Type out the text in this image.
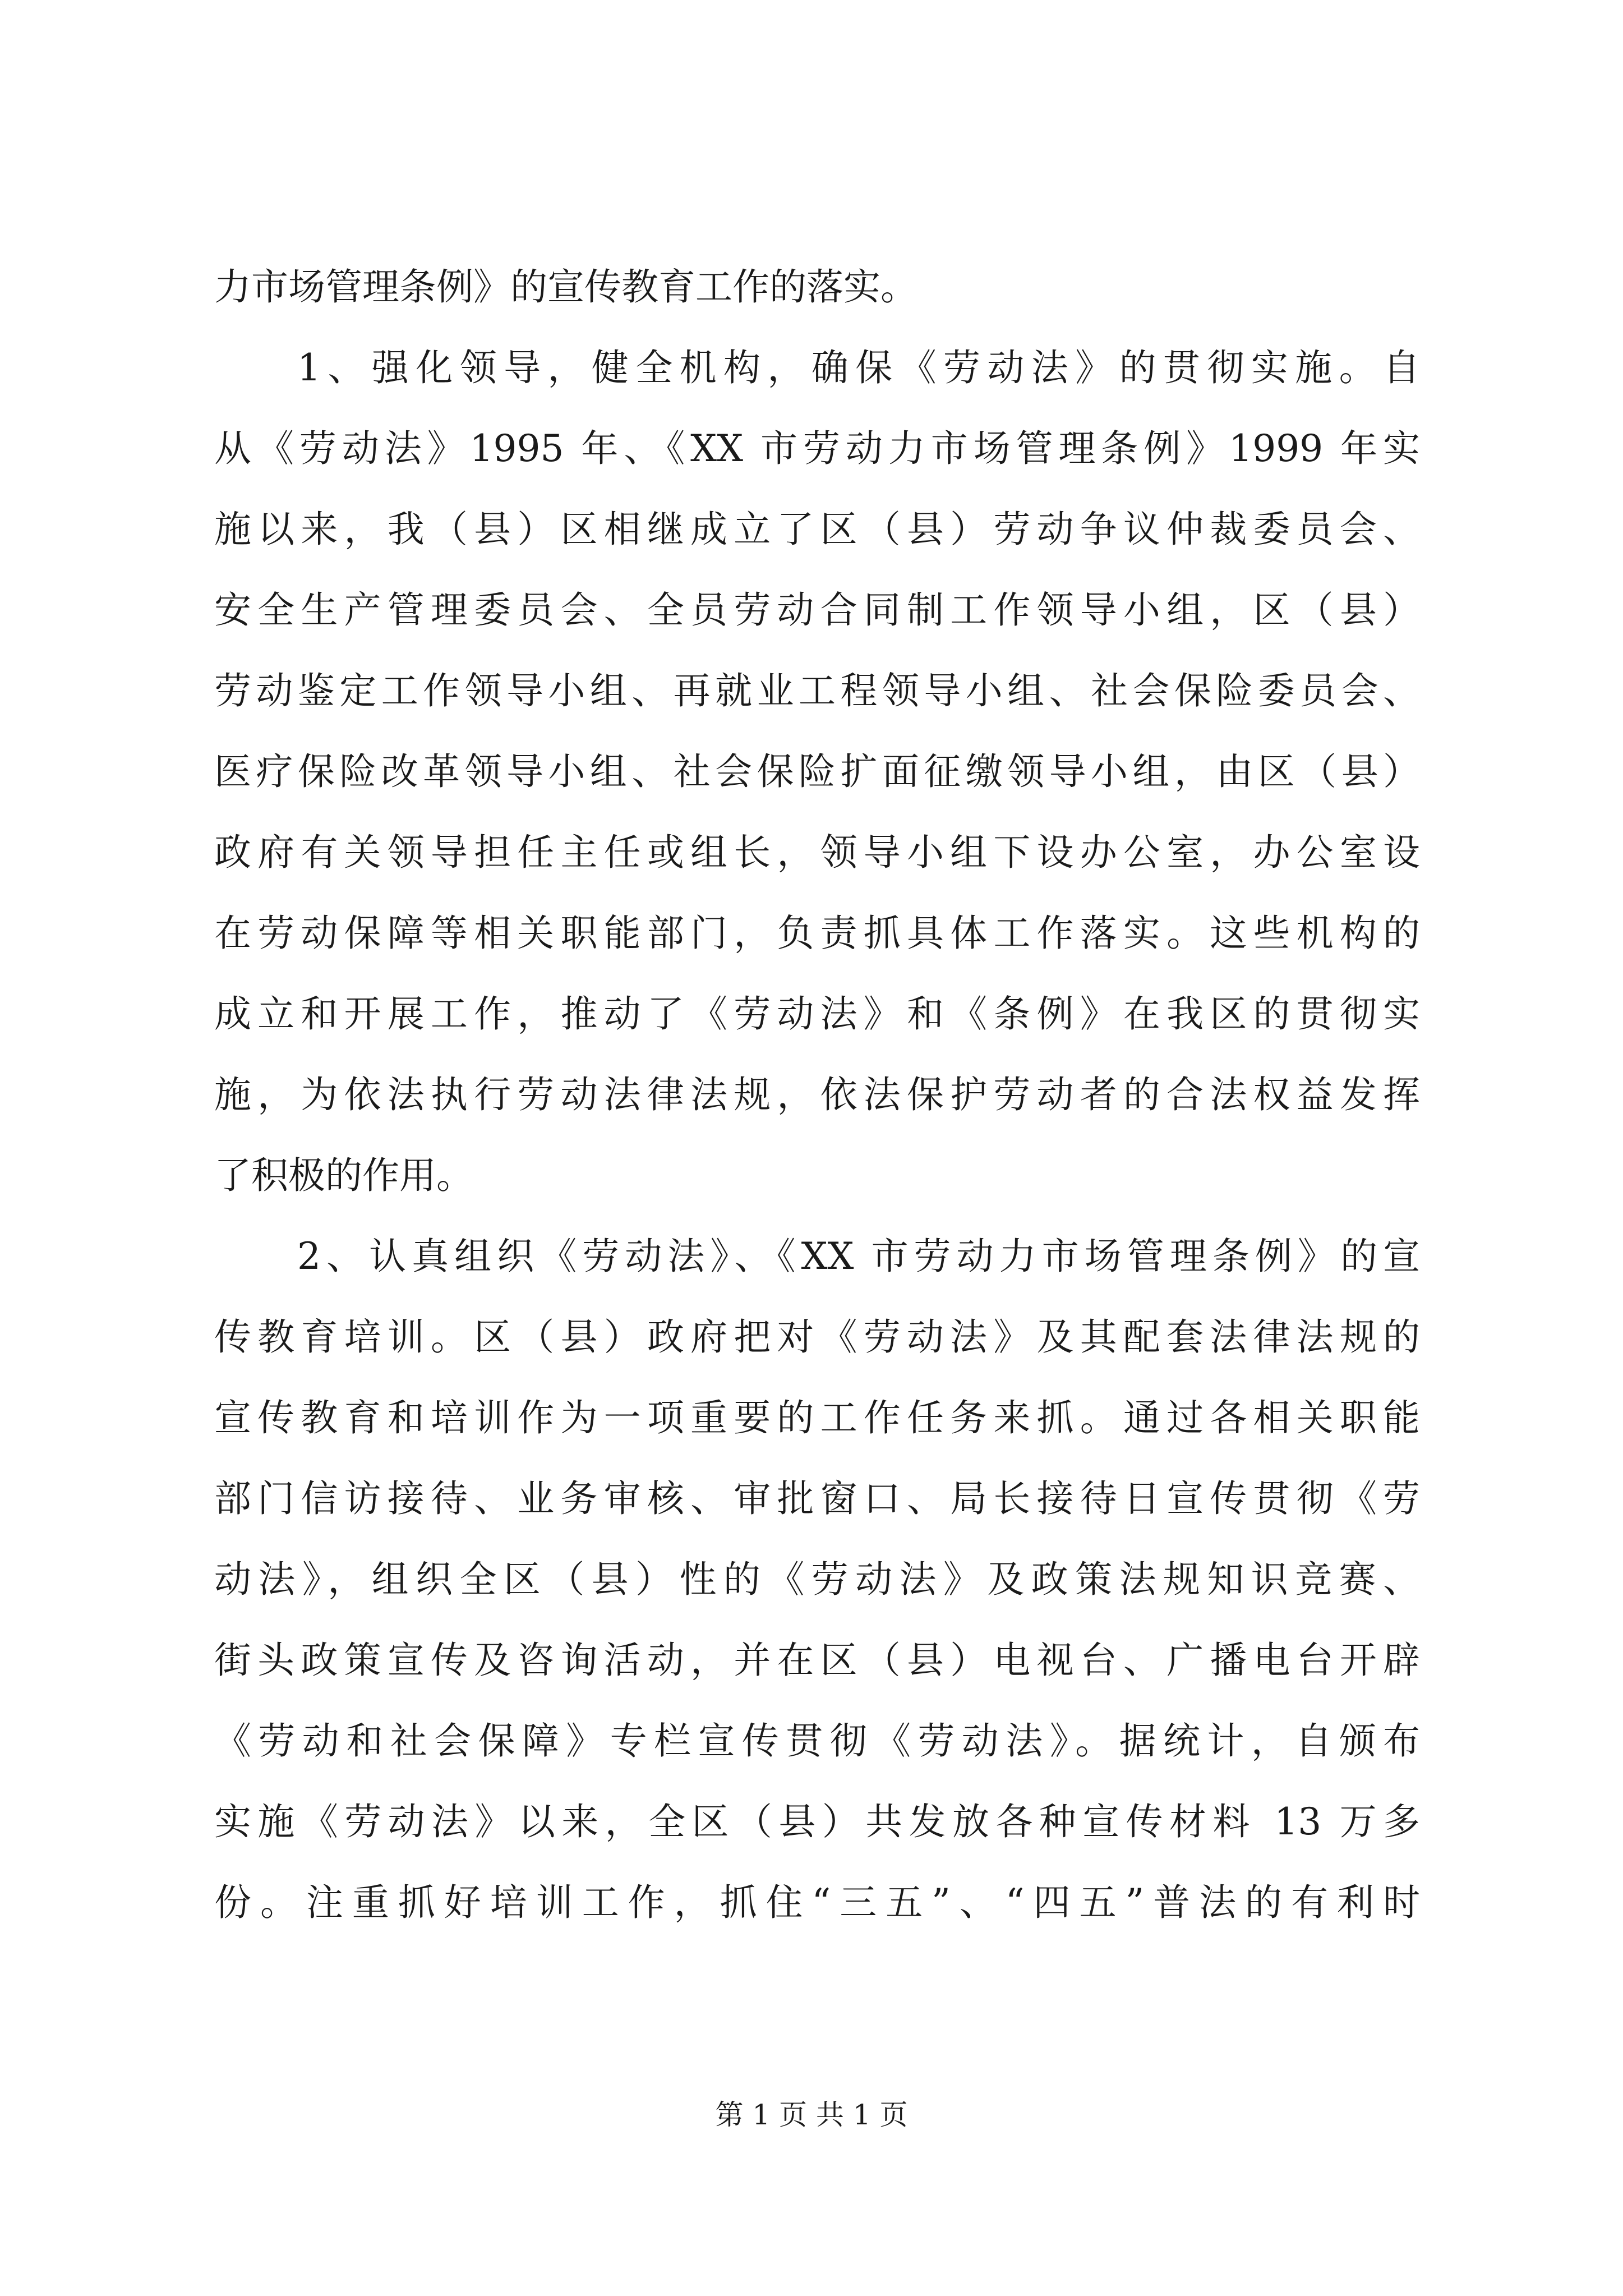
力市场管理条例》的宣传教育工作的落实。
1、强化领导，健全机构，确保《劳动法》的贯彻实施。自
从《劳动法》1995 年、《XX 市劳动力市场管理条例》1999 年实
施以来，我（县）区相继成立了区（县）劳动争议仲裁委员会、
安全生产管理委员会、全员劳动合同制工作领导小组，区（县）
劳动鉴定工作领导小组、再就业工程领导小组、社会保险委员会、
医疗保险改革领导小组、社会保险扩面征缴领导小组，由区（县）
政府有关领导担任主任或组长，领导小组下设办公室，办公室设
在劳动保障等相关职能部门，负责抓具体工作落实。这些机构的
成立和开展工作，推动了《劳动法》和《条例》在我区的贯彻实
施，为依法执行劳动法律法规，依法保护劳动者的合法权益发挥
了积极的作用。
2、认真组织《劳动法》、《XX 市劳动力市场管理条例》的宣
传教育培训。区（县）政府把对《劳动法》及其配套法律法规的
宣传教育和培训作为一项重要的工作任务来抓。通过各相关职能
部门信访接待、业务审核、审批窗口、局长接待日宣传贯彻《劳
动法》，组织全区（县）性的《劳动法》及政策法规知识竞赛、
街头政策宣传及咨询活动，并在区（县）电视台、广播电台开辟
《劳动和社会保障》专栏宣传贯彻《劳动法》。据统计，自颁布
实施《劳动法》以来，全区（县）共发放各种宣传材料 13 万多
份。注重抓好培训工作，抓住“三五”、“四五”普法的有利时
第 1 页 共 1 页
